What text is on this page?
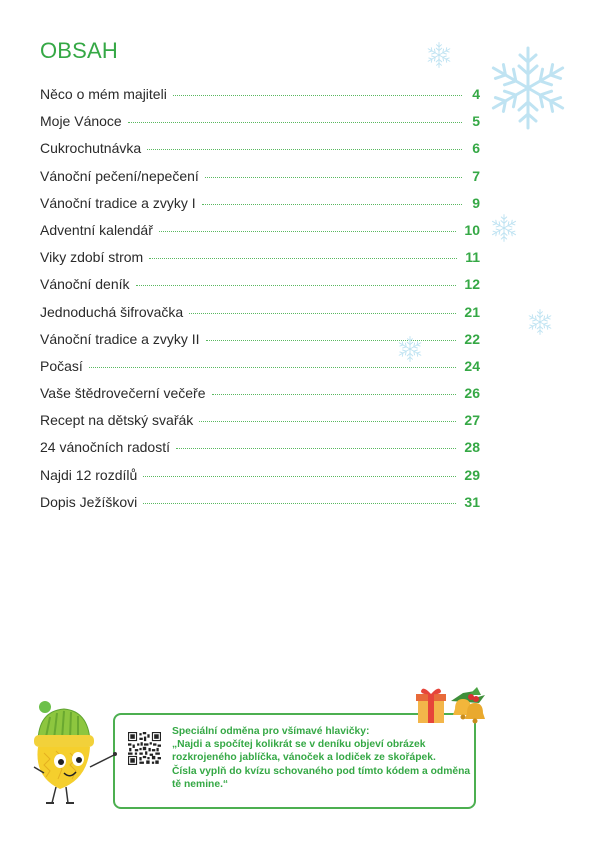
OBSAH
Něco o mém majiteli	4
Moje Vánoce	5
Cukrochutnávka	6
Vánoční pečení/nepečení	7
Vánoční tradice a zvyky I	9
Adventní kalendář	10
Viky zdobí strom	11
Vánoční deník	12
Jednoduchá šifrovačka	21
Vánoční tradice a zvyky II	22
Počasí	24
Vaše štědrovečerní večeře	26
Recept na dětský svařák	27
24 vánočních radostí	28
Najdi 12 rozdílů	29
Dopis Ježíškovi	31
Speciální odměna pro všímavé hlavičky:
„Najdi a spočítej kolikrát se v deníku objeví obrázek
rozkrojeného jablíčka, vánoček a lodiček ze skořápek.
Čísla vyplň do kvízu schovaného pod tímto kódem a odměna
tě nemine.“
